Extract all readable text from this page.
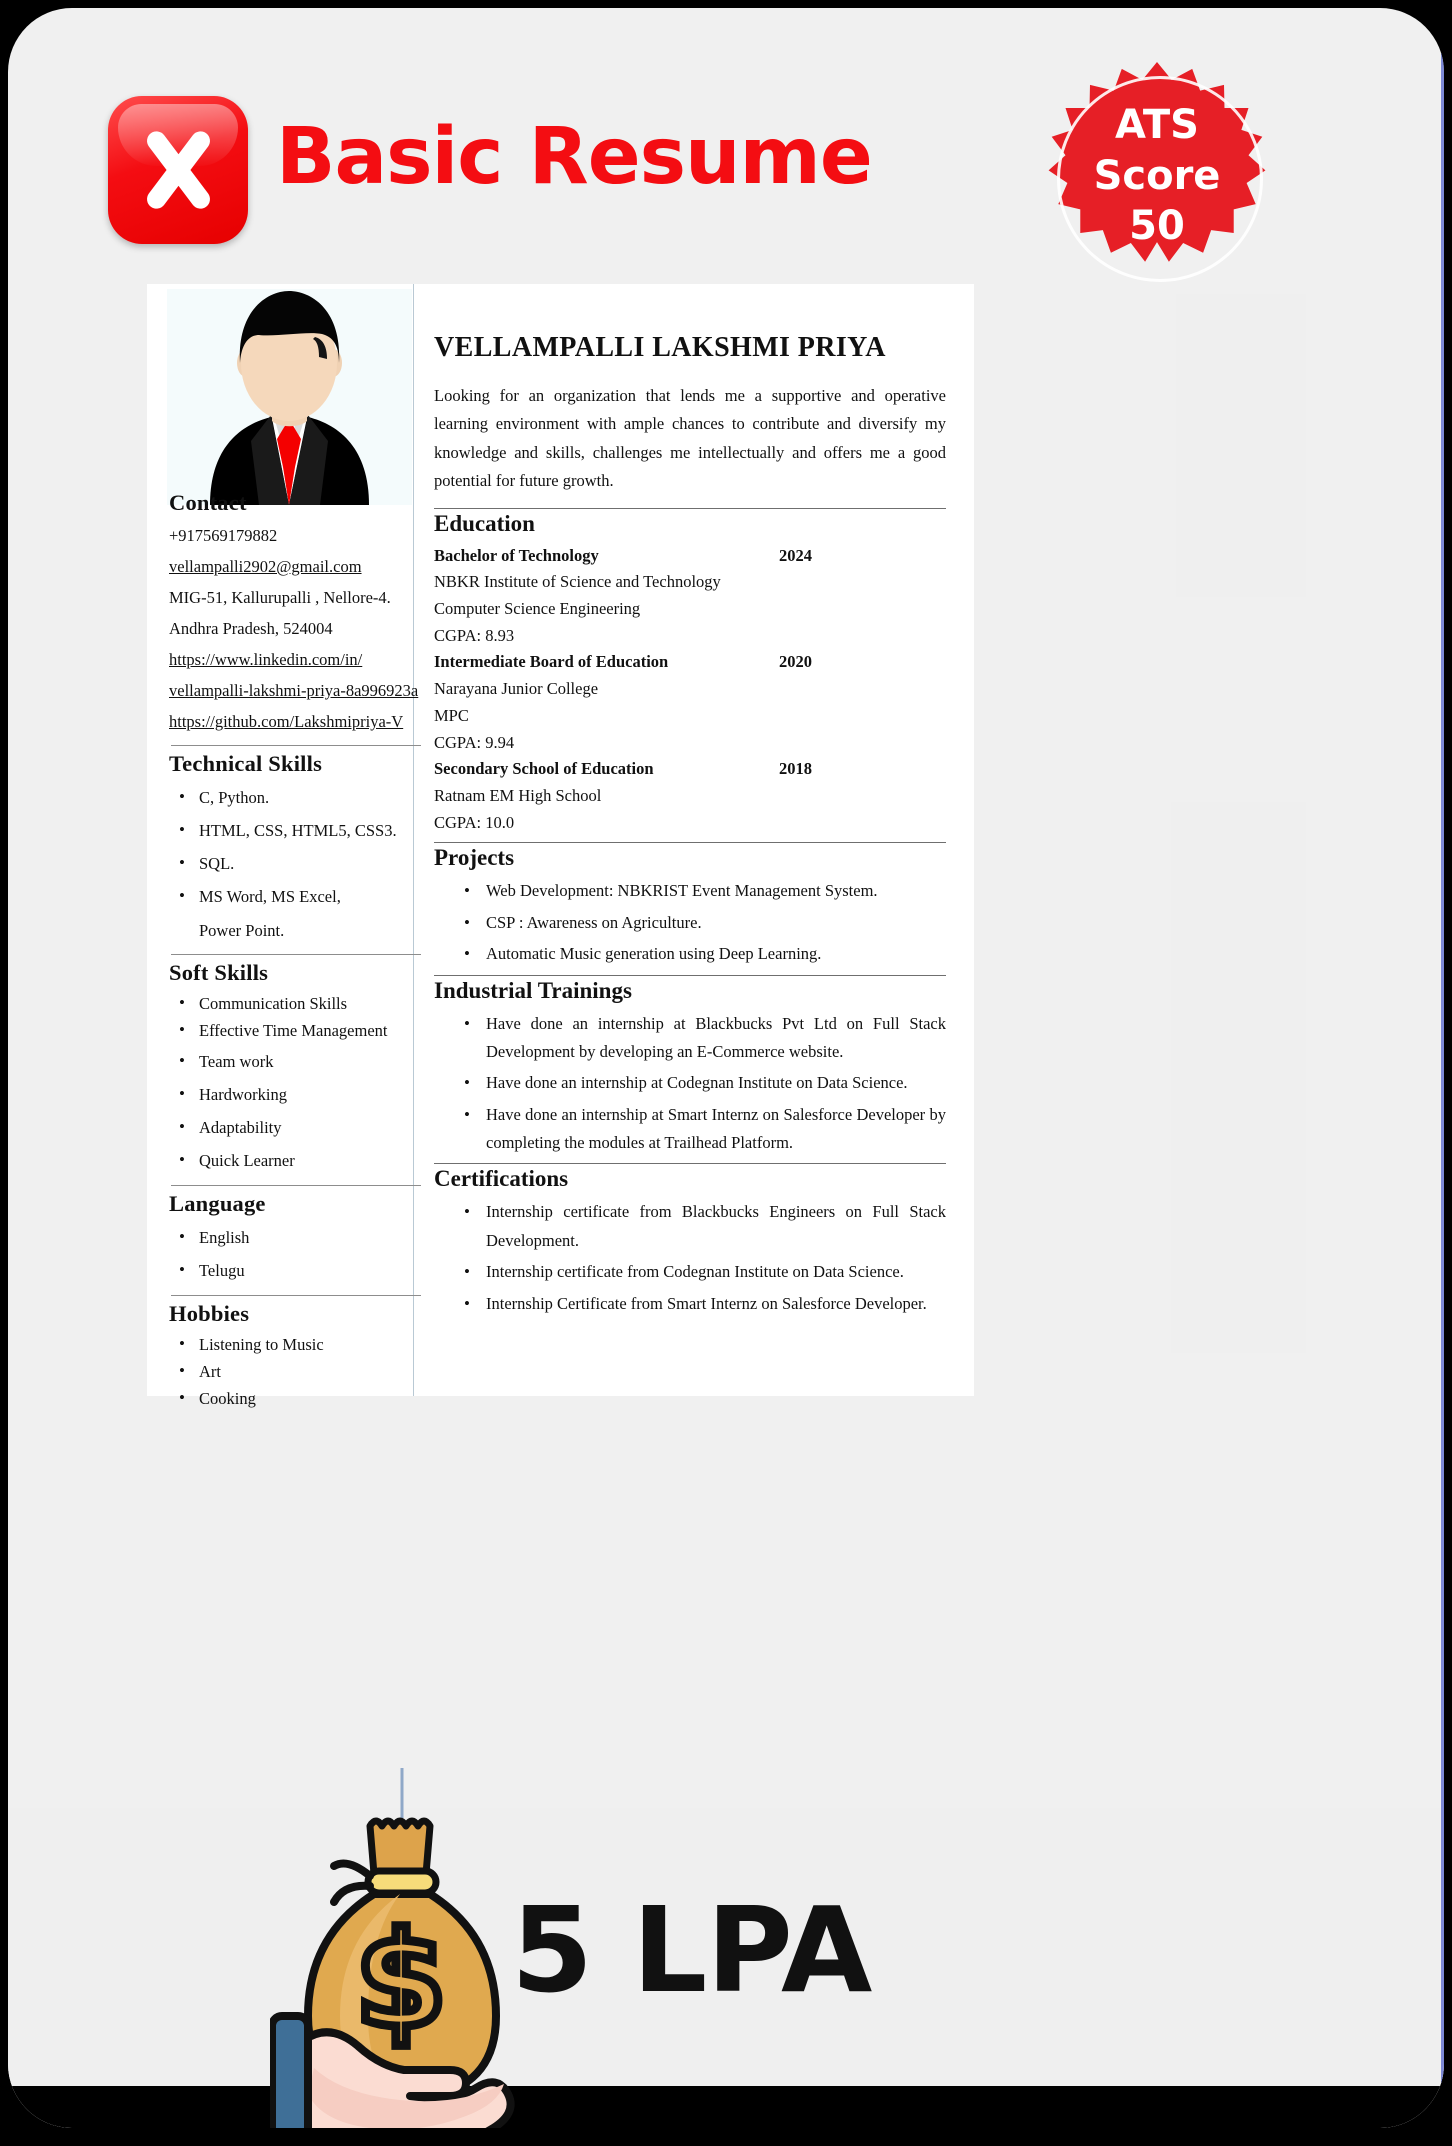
Basic Resume	ATS
Score
50
Contact
+917569179882
vellampalli2902@gmail.com
MIG-51, Kallurupalli , Nellore-4.
Andhra Pradesh, 524004
https://www.linkedin.com/in/
vellampalli-lakshmi-priya-8a996923a
https://github.com/Lakshmipriya-V
Technical Skills
• C, Python.
• HTML, CSS, HTML5, CSS3.
• SQL.
• MS Word, MS Excel,
Power Point.
Soft Skills
• Communication Skills
• Effective Time Management
• Team work
• Hardworking
• Adaptability
• Quick Learner
Language
• English
• Telugu
Hobbies
• Listening to Music
• Art
• Cooking
VELLAMPALLI LAKSHMI PRIYA
Looking for an organization that lends me a supportive and operative learning environment with ample chances to contribute and diversify my knowledge and skills, challenges me intellectually and offers me a good potential for future growth.
Education
Bachelor of Technology	2024
NBKR Institute of Science and Technology
Computer Science Engineering
CGPA: 8.93
Intermediate Board of Education	2020
Narayana Junior College
MPC
CGPA: 9.94
Secondary School of Education	2018
Ratnam EM High School
CGPA: 10.0
Projects
• Web Development: NBKRIST Event Management System.
• CSP : Awareness on Agriculture.
• Automatic Music generation using Deep Learning.
Industrial Trainings
• Have done an internship at Blackbucks Pvt Ltd on Full Stack Development by developing an E-Commerce website.
• Have done an internship at Codegnan Institute on Data Science.
• Have done an internship at Smart Internz on Salesforce Developer by completing the modules at Trailhead Platform.
Certifications
• Internship certificate from Blackbucks Engineers on Full Stack Development.
• Internship certificate from Codegnan Institute on Data Science.
• Internship Certificate from Smart Internz on Salesforce Developer.
5 LPA
$
